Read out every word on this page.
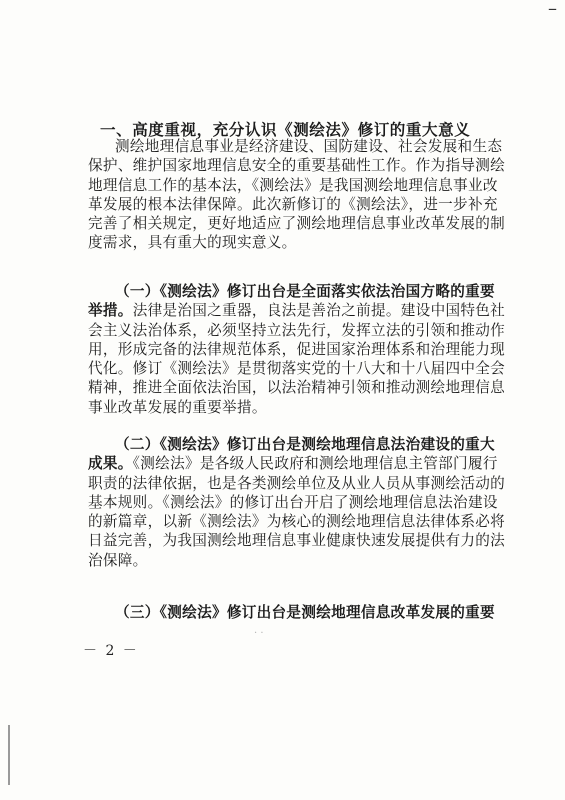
–
一、高度重视，充分认识《测绘法》修订的重大意义
测绘地理信息事业是经济建设、国防建设、社会发展和生态
保护、维护国家地理信息安全的重要基础性工作。作为指导测绘
地理信息工作的基本法，《测绘法》是我国测绘地理信息事业改
革发展的根本法律保障。此次新修订的《测绘法》，进一步补充
完善了相关规定，更好地适应了测绘地理信息事业改革发展的制
度需求，具有重大的现实意义。
（一）《测绘法》修订出台是全面落实依法治国方略的重要
举措。法律是治国之重器，良法是善治之前提。建设中国特色社
会主义法治体系，必须坚持立法先行，发挥立法的引领和推动作
用，形成完备的法律规范体系，促进国家治理体系和治理能力现
代化。修订《测绘法》是贯彻落实党的十八大和十八届四中全会
精神，推进全面依法治国，以法治精神引领和推动测绘地理信息
事业改革发展的重要举措。
（二）《测绘法》修订出台是测绘地理信息法治建设的重大
成果。《测绘法》是各级人民政府和测绘地理信息主管部门履行
职责的法律依据，也是各类测绘单位及从业人员从事测绘活动的
基本规则。《测绘法》的修订出台开启了测绘地理信息法治建设
的新篇章，以新《测绘法》为核心的测绘地理信息法律体系必将
日益完善，为我国测绘地理信息事业健康快速发展提供有力的法
治保障。
（三）《测绘法》修订出台是测绘地理信息改革发展的重要
· ·
－ 2 －
